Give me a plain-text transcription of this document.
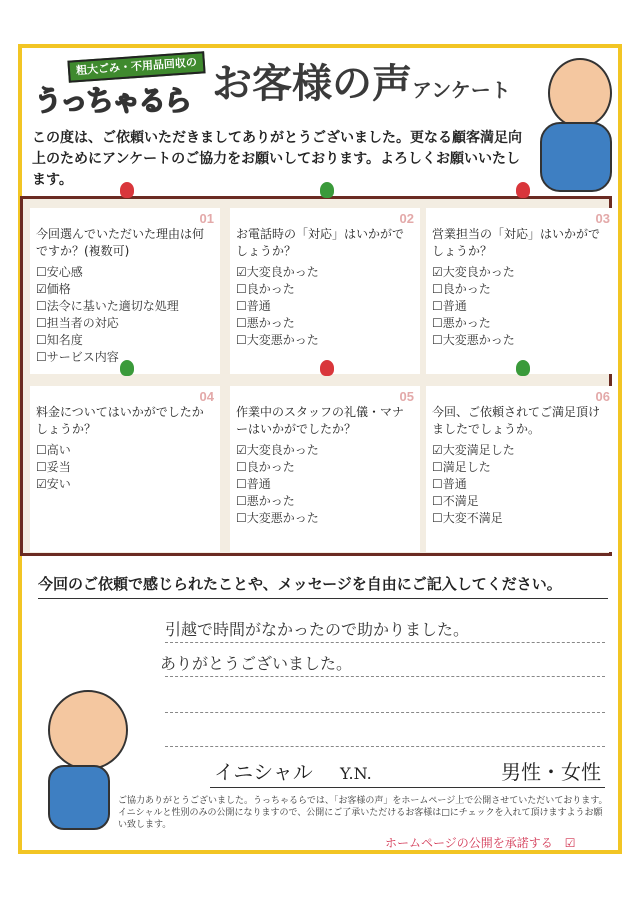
粗大ごみ・不用品回収の
うっちゃるら お客様の声アンケート
この度は、ご依頼いただきましてありがとうございました。更なる顧客満足向上のためにアンケートのご協力をお願いしております。よろしくお願いいたします。
01
今回選んでいただいた理由は何ですか？(複数可)
☐安心感
☑価格
☐法令に基いた適切な処理
☐担当者の対応
☐知名度
☐サービス内容
02
お電話時の「対応」はいかがでしょうか？
☑大変良かった
☐良かった
☐普通
☐悪かった
☐大変悪かった
03
営業担当の「対応」はいかがでしょうか？
☑大変良かった
☐良かった
☐普通
☐悪かった
☐大変悪かった
04
料金についてはいかがでしたかしょうか？
☐高い
☐妥当
☑安い
05
作業中のスタッフの礼儀・マナーはいかがでしたか？
☑大変良かった
☐良かった
☐普通
☐悪かった
☐大変悪かった
06
今回、ご依頼されてご満足頂けましたでしょうか。
☑大変満足した
☐満足した
☐普通
☐不満足
☐大変不満足
今回のご依頼で感じられたことや、メッセージを自由にご記入してください。
引越で時間がなかったので助かりました。
ありがとうございました。
イニシャル Y.N.	男性・女性
ご協力ありがとうございました。うっちゃるらでは、「お客様の声」をホームページ上で公開させていただいております。イニシャルと性別のみの公開になりますので、公開にご了承いただけるお客様は□にチェックを入れて頂けますようお願い致します。
ホームページの公開を承諾する　☑
